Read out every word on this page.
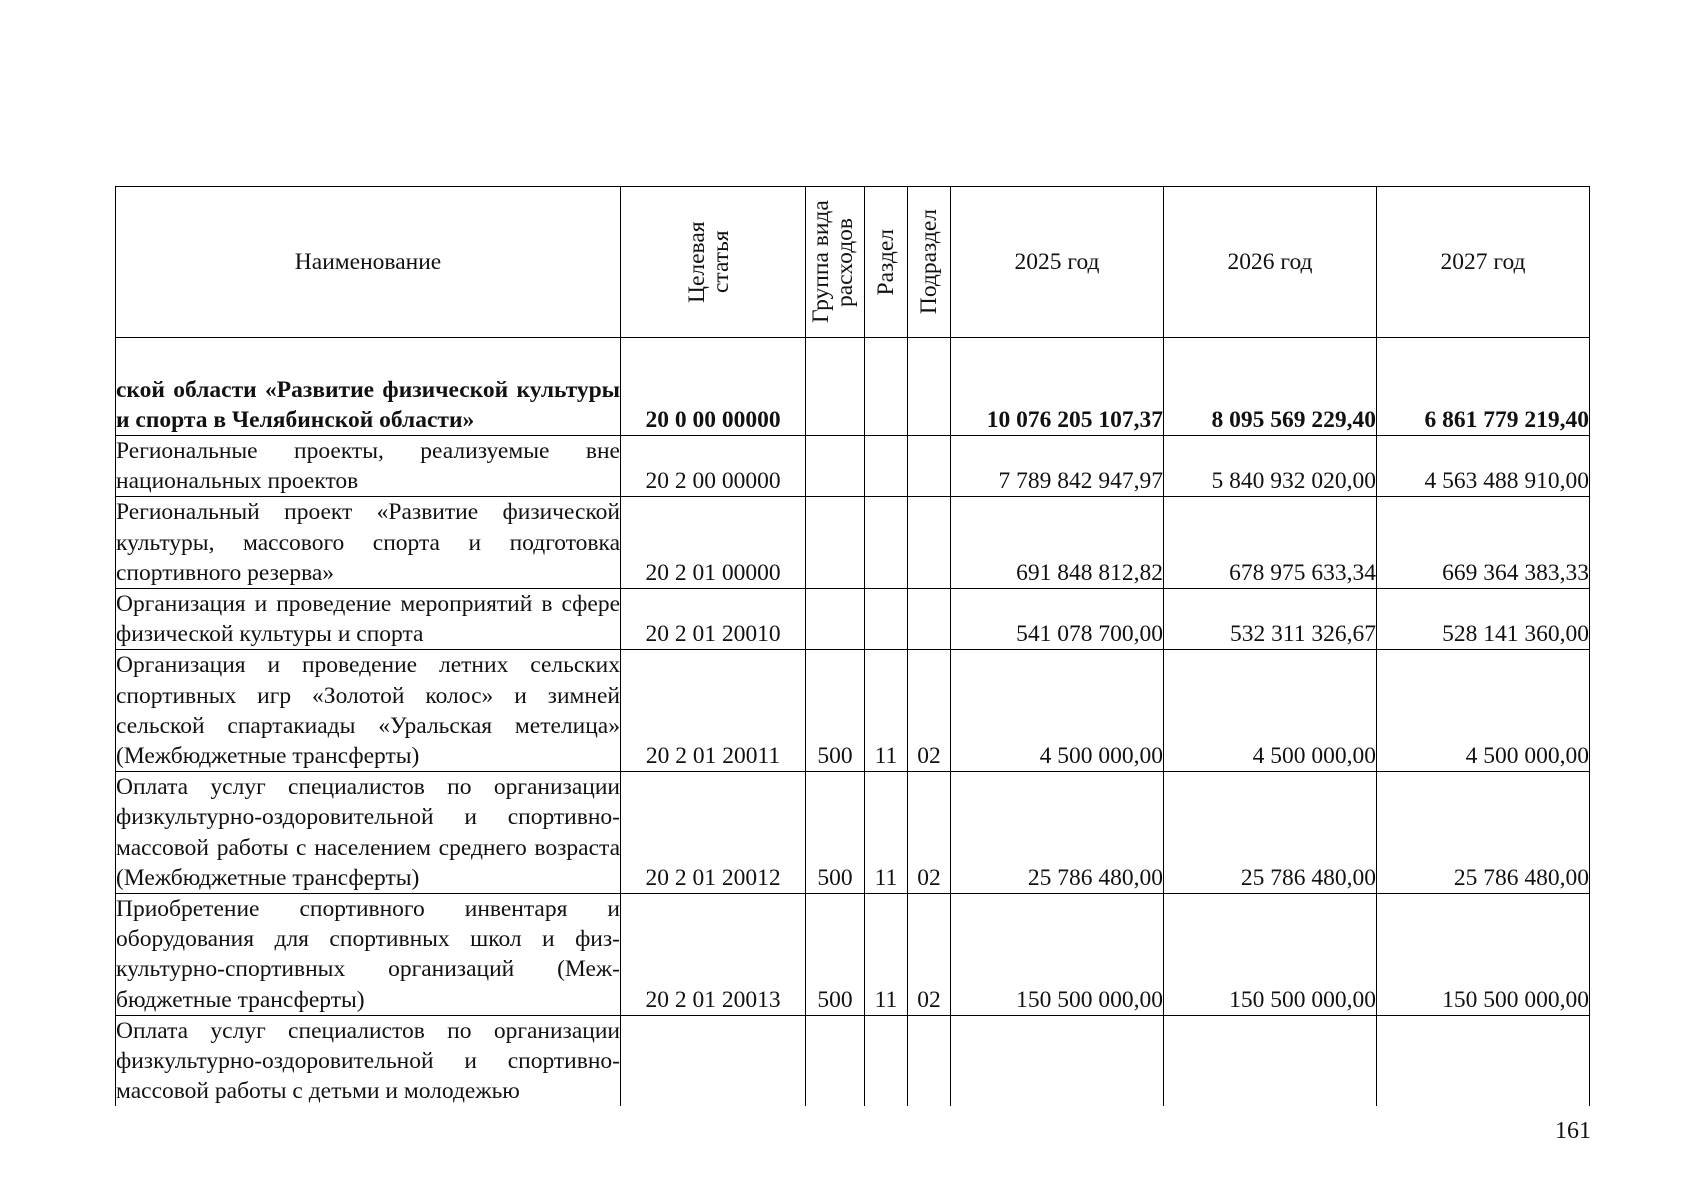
Наименование	Целевая статья	Группа вида расходов	Раздел	Подраздел	2025 год	2026 год	2027 год
ской области «Развитие физической культуры и спорта в Челябинской области»	20 0 00 00000				10 076 205 107,37	8 095 569 229,40	6 861 779 219,40
Региональные проекты, реализуемые вне национальных проектов	20 2 00 00000				7 789 842 947,97	5 840 932 020,00	4 563 488 910,00
Региональный проект «Развитие физической культуры, массового спорта и подготовка спортивного резерва»	20 2 01 00000				691 848 812,82	678 975 633,34	669 364 383,33
Организация и проведение мероприятий в сфере физической культуры и спорта	20 2 01 20010				541 078 700,00	532 311 326,67	528 141 360,00
Организация и проведение летних сельских спортивных игр «Золотой колос» и зимней сельской спартакиады «Уральская метелица» (Межбюджетные трансферты)	20 2 01 20011	500	11	02	4 500 000,00	4 500 000,00	4 500 000,00
Оплата услуг специалистов по организации физкультурно-оздоровительной и спортивно-массовой работы с населением среднего возраста (Межбюджетные трансферты)	20 2 01 20012	500	11	02	25 786 480,00	25 786 480,00	25 786 480,00
Приобретение спортивного инвентаря и оборудования для спортивных школ и физкультурно-спортивных организаций (Межбюджетные трансферты)	20 2 01 20013	500	11	02	150 500 000,00	150 500 000,00	150 500 000,00
Оплата услуг специалистов по организации физкультурно-оздоровительной и спортивно-массовой работы с детьми и молодежью							
161
